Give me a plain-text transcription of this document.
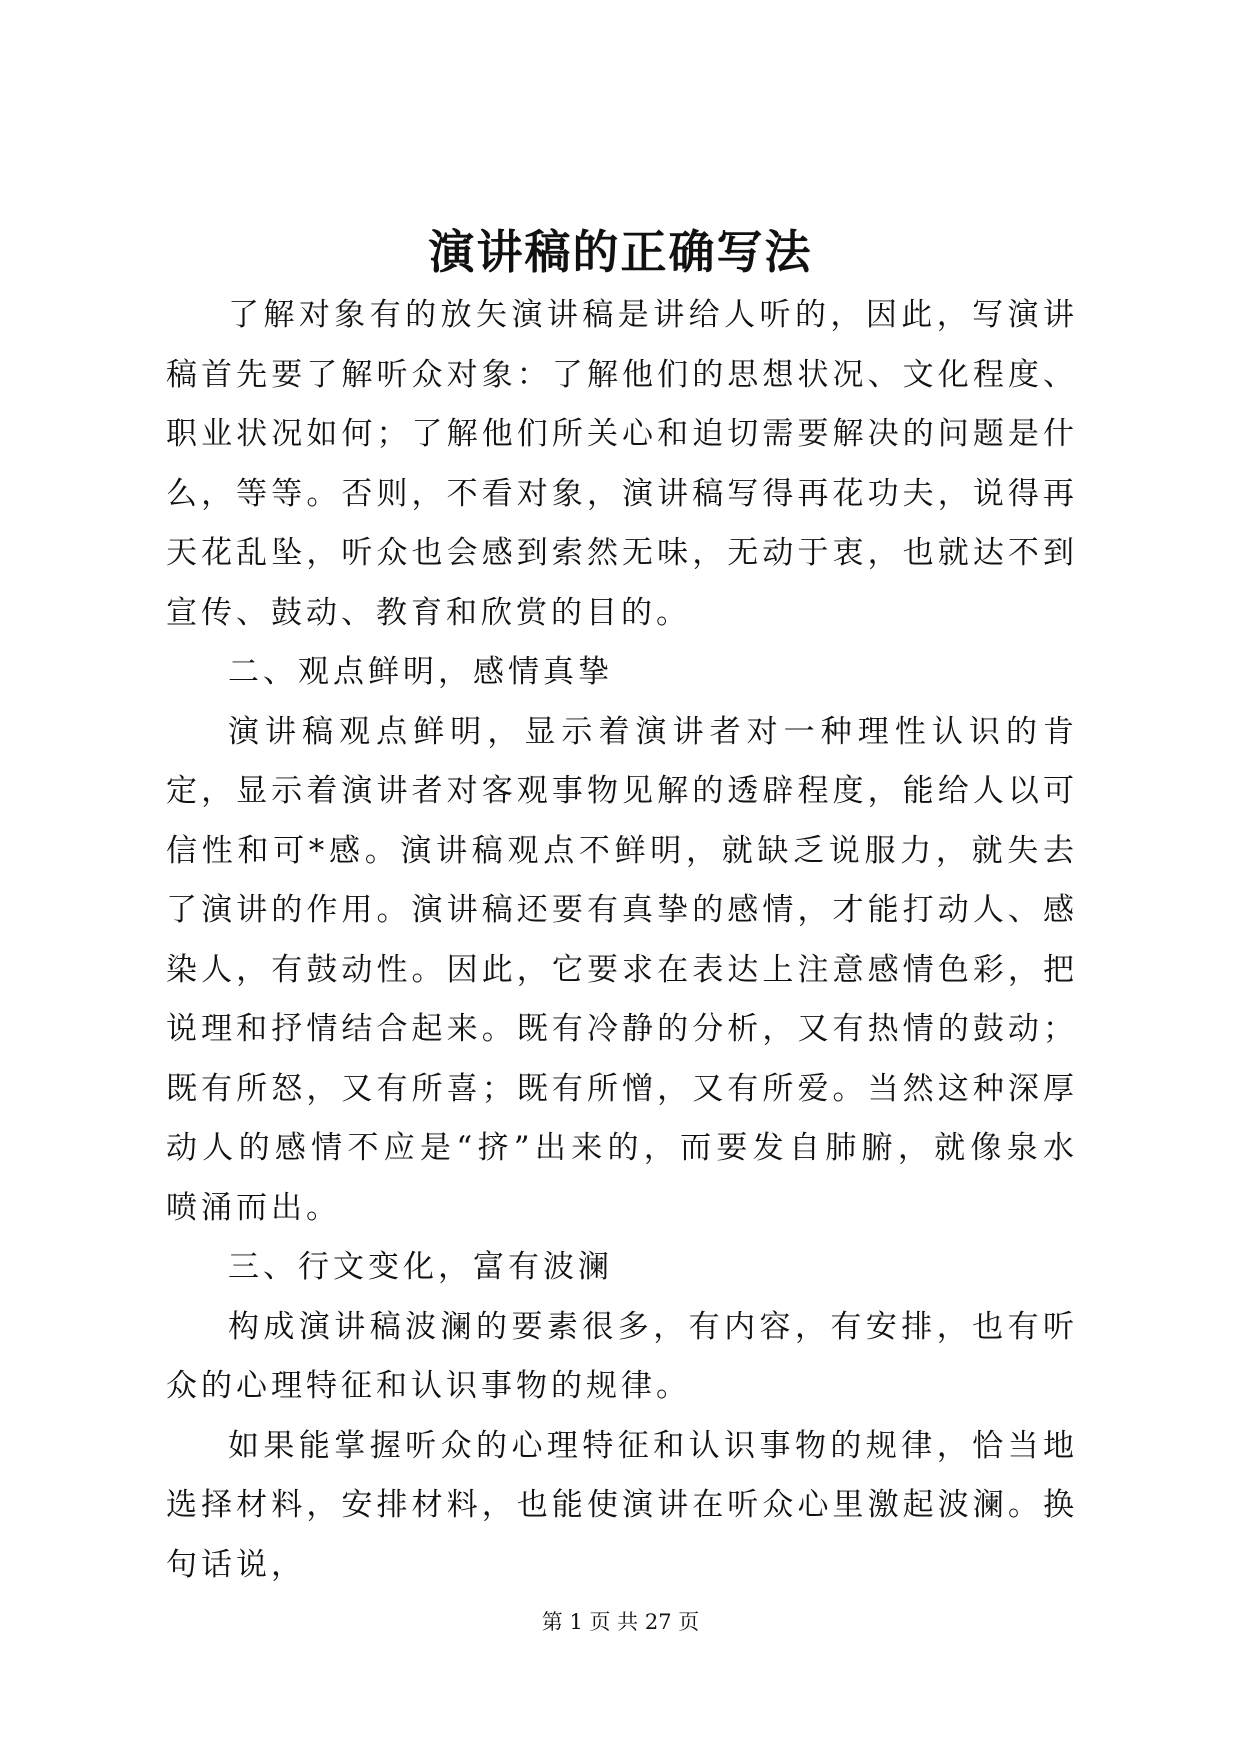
演讲稿的正确写法

了解对象有的放矢演讲稿是讲给人听的，因此，写演讲稿首先要了解听众对象：了解他们的思想状况、文化程度、职业状况如何；了解他们所关心和迫切需要解决的问题是什么，等等。否则，不看对象，演讲稿写得再花功夫，说得再天花乱坠，听众也会感到索然无味，无动于衷，也就达不到宣传、鼓动、教育和欣赏的目的。

二、观点鲜明，感情真挚

演讲稿观点鲜明，显示着演讲者对一种理性认识的肯定，显示着演讲者对客观事物见解的透辟程度，能给人以可信性和可*感。演讲稿观点不鲜明，就缺乏说服力，就失去了演讲的作用。演讲稿还要有真挚的感情，才能打动人、感染人，有鼓动性。因此，它要求在表达上注意感情色彩，把说理和抒情结合起来。既有冷静的分析，又有热情的鼓动；既有所怒，又有所喜；既有所憎，又有所爱。当然这种深厚动人的感情不应是“挤”出来的，而要发自肺腑，就像泉水喷涌而出。

三、行文变化，富有波澜

构成演讲稿波澜的要素很多，有内容，有安排，也有听众的心理特征和认识事物的规律。

如果能掌握听众的心理特征和认识事物的规律，恰当地选择材料，安排材料，也能使演讲在听众心里激起波澜。换句话说，

第 1 页 共 27 页
